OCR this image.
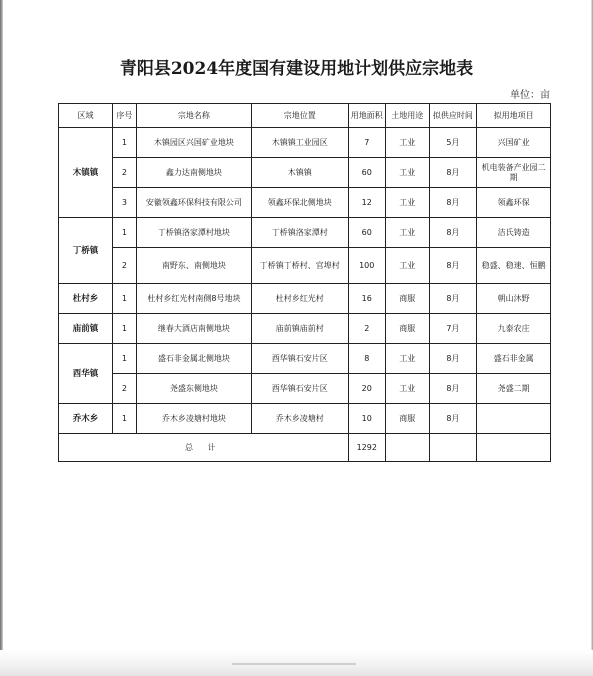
青阳县2024年度国有建设用地计划供应宗地表
单位：亩
区域	序号	宗地名称	宗地位置	用地面积	土地用途	拟供应时间	拟用地项目
木镇镇	1	木镇园区兴国矿业地块	木镇镇工业园区	7	工业	5月	兴国矿业
	2	鑫力达南侧地块	木镇镇	60	工业	8月	机电装备产业园二期
	3	安徽领鑫环保科技有限公司	领鑫环保北侧地块	12	工业	8月	领鑫环保
丁桥镇	1	丁桥镇洛家潭村地块	丁桥镇洛家潭村	60	工业	8月	洁氏铸造
	2	南野东、南侧地块	丁桥镇丁桥村、官埠村	100	工业	8月	稳盛、稳速、恒鹏
杜村乡	1	杜村乡红光村南侧8号地块	杜村乡红光村	16	商服	8月	朝山沐野
庙前镇	1	继春大酒店南侧地块	庙前镇庙前村	2	商服	7月	九泰农庄
酉华镇	1	盛石非金属北侧地块	酉华镇石安片区	8	工业	8月	盛石非金属
	2	尧盛东侧地块	酉华镇石安片区	20	工业	8月	尧盛二期
乔木乡	1	乔木乡凌塘村地块	乔木乡凌塘村	10	商服	8月	
总 计				1292			
